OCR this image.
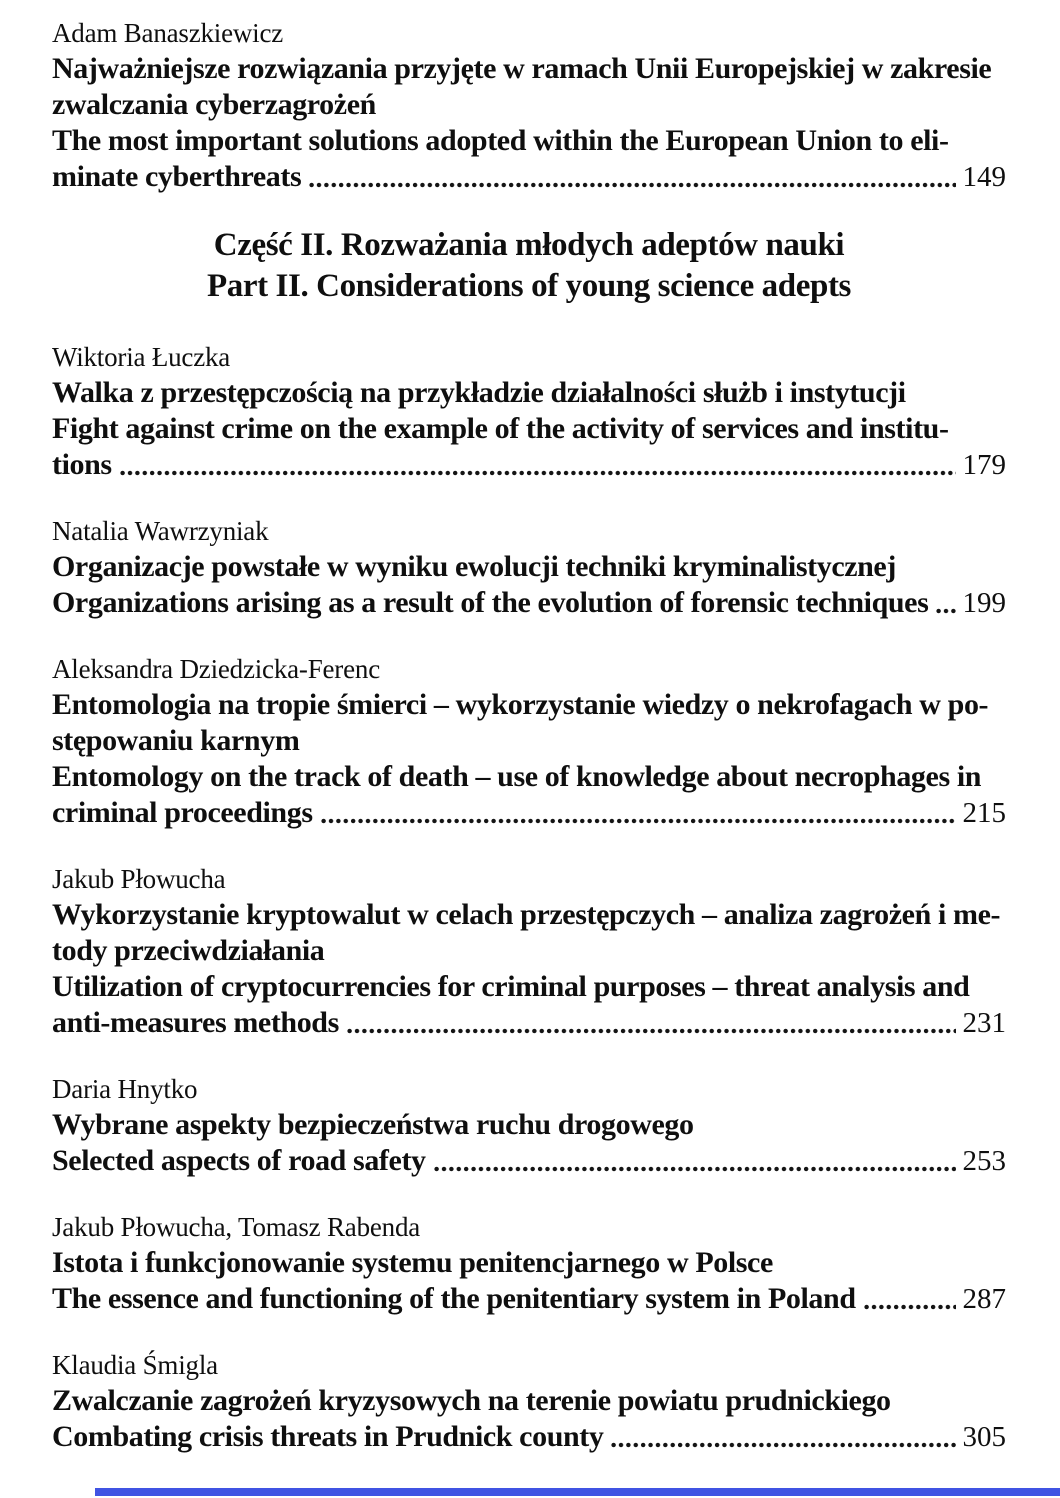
Adam Banaszkiewicz
Najważniejsze rozwiązania przyjęte w ramach Unii Europejskiej w zakresie
zwalczania cyberzagrożeń
The most important solutions adopted within the European Union to eli-
minate cyberthreats	149
Część II. Rozważania młodych adeptów nauki
Part II. Considerations of young science adepts
Wiktoria Łuczka
Walka z przestępczością na przykładzie działalności służb i instytucji
Fight against crime on the example of the activity of services and institu-
tions	179
Natalia Wawrzyniak
Organizacje powstałe w wyniku ewolucji techniki kryminalistycznej
Organizations arising as a result of the evolution of forensic techniques 199
Aleksandra Dziedzicka-Ferenc
Entomologia na tropie śmierci – wykorzystanie wiedzy o nekrofagach w po-
stępowaniu karnym
Entomology on the track of death – use of knowledge about necrophages in
criminal proceedings	215
Jakub Płowucha
Wykorzystanie kryptowalut w celach przestępczych – analiza zagrożeń i me-
tody przeciwdziałania
Utilization of cryptocurrencies for criminal purposes – threat analysis and
anti-measures methods	231
Daria Hnytko
Wybrane aspekty bezpieczeństwa ruchu drogowego
Selected aspects of road safety	253
Jakub Płowucha, Tomasz Rabenda
Istota i funkcjonowanie systemu penitencjarnego w Polsce
The essence and functioning of the penitentiary system in Poland	287
Klaudia Śmigla
Zwalczanie zagrożeń kryzysowych na terenie powiatu prudnickiego
Combating crisis threats in Prudnick county	305
